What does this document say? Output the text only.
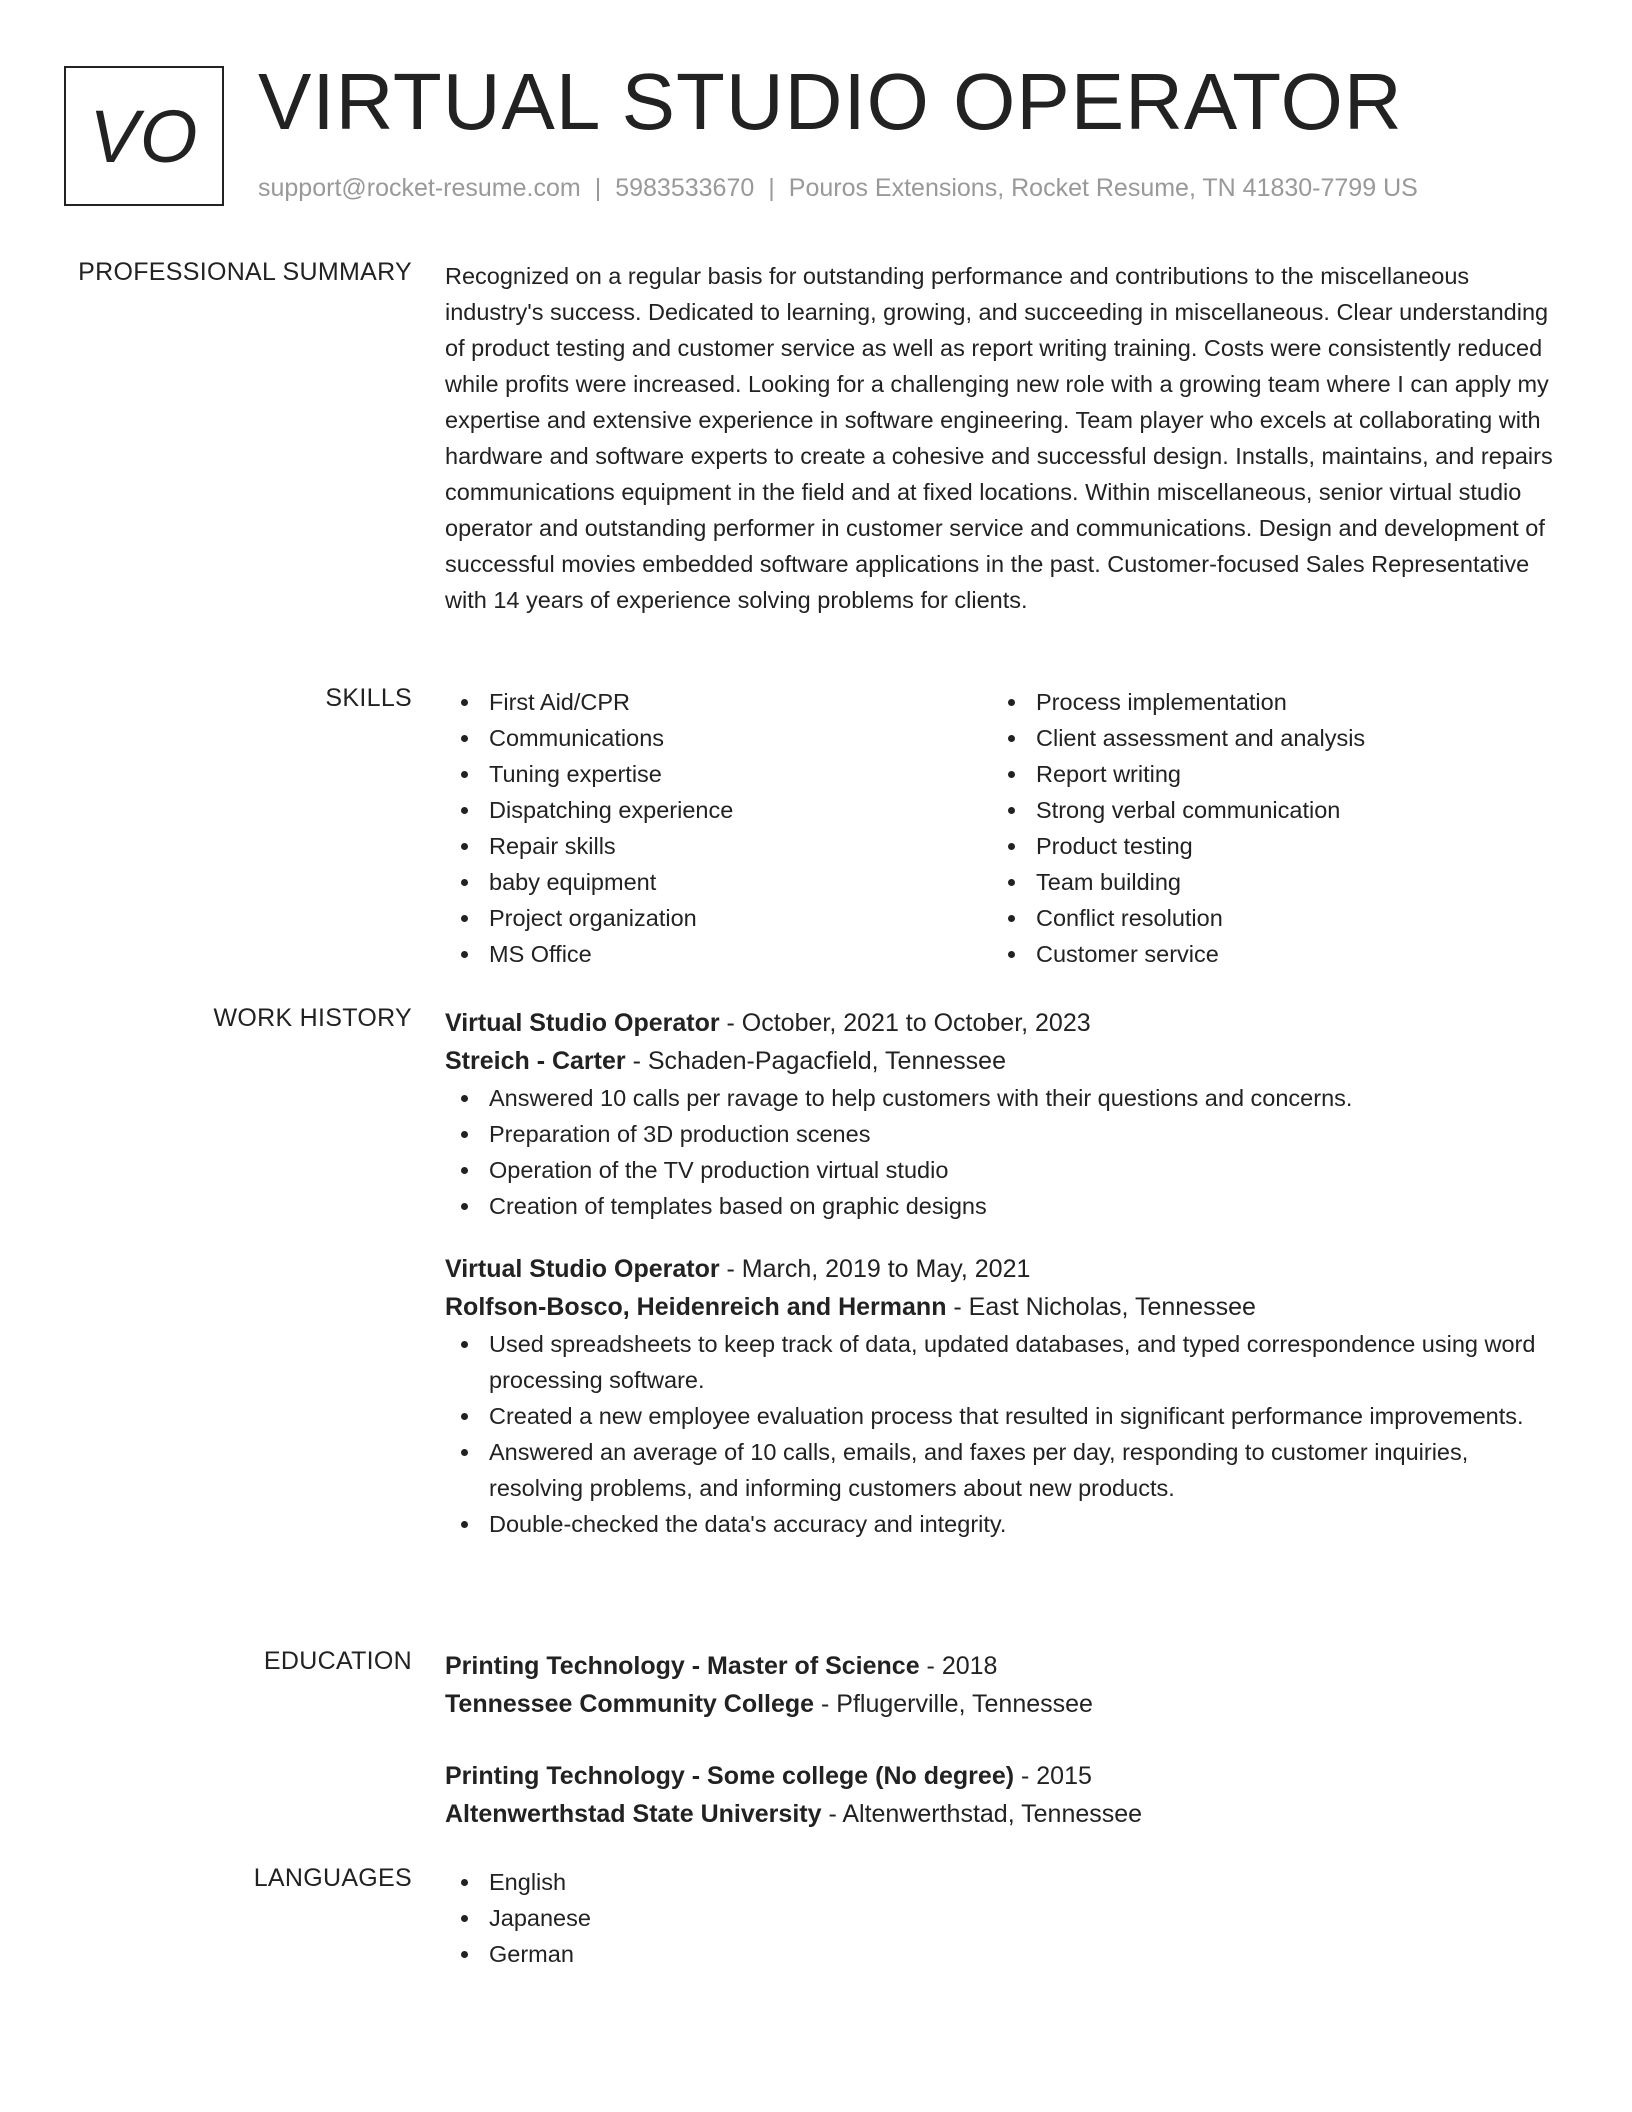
VO VIRTUAL STUDIO OPERATOR
support@rocket-resume.com | 5983533670 | Pouros Extensions, Rocket Resume, TN 41830-7799 US
PROFESSIONAL SUMMARY Recognized on a regular basis for outstanding performance and contributions to the miscellaneous industry's success. Dedicated to learning, growing, and succeeding in miscellaneous. Clear understanding of product testing and customer service as well as report writing training. Costs were consistently reduced while profits were increased. Looking for a challenging new role with a growing team where I can apply my expertise and extensive experience in software engineering. Team player who excels at collaborating with hardware and software experts to create a cohesive and successful design. Installs, maintains, and repairs communications equipment in the field and at fixed locations. Within miscellaneous, senior virtual studio operator and outstanding performer in customer service and communications. Design and development of successful movies embedded software applications in the past. Customer-focused Sales Representative with 14 years of experience solving problems for clients.

SKILLS	First Aid/CPR
Communications
Tuning expertise
Dispatching experience
Repair skills
baby equipment
Project organization
MS Office
Process implementation
Client assessment and analysis
Report writing
Strong verbal communication
Product testing
Team building
Conflict resolution
Customer service
WORK HISTORY Virtual Studio Operator - October, 2021 to October, 2023
Streich - Carter - Schaden-Pagacfield, Tennessee
Answered 10 calls per ravage to help customers with their questions and concerns.
Preparation of 3D production scenes
Operation of the TV production virtual studio
Creation of templates based on graphic designs
Virtual Studio Operator - March, 2019 to May, 2021
Rolfson-Bosco, Heidenreich and Hermann - East Nicholas, Tennessee
Used spreadsheets to keep track of data, updated databases, and typed correspondence using word processing software.
Created a new employee evaluation process that resulted in significant performance improvements.
Answered an average of 10 calls, emails, and faxes per day, responding to customer inquiries, resolving problems, and informing customers about new products.
Double-checked the data's accuracy and integrity.
EDUCATION Printing Technology - Master of Science - 2018
Tennessee Community College - Pflugerville, Tennessee
Printing Technology - Some college (No degree) - 2015
Altenwerthstad State University - Altenwerthstad, Tennessee
LANGUAGES	English
Japanese
German
